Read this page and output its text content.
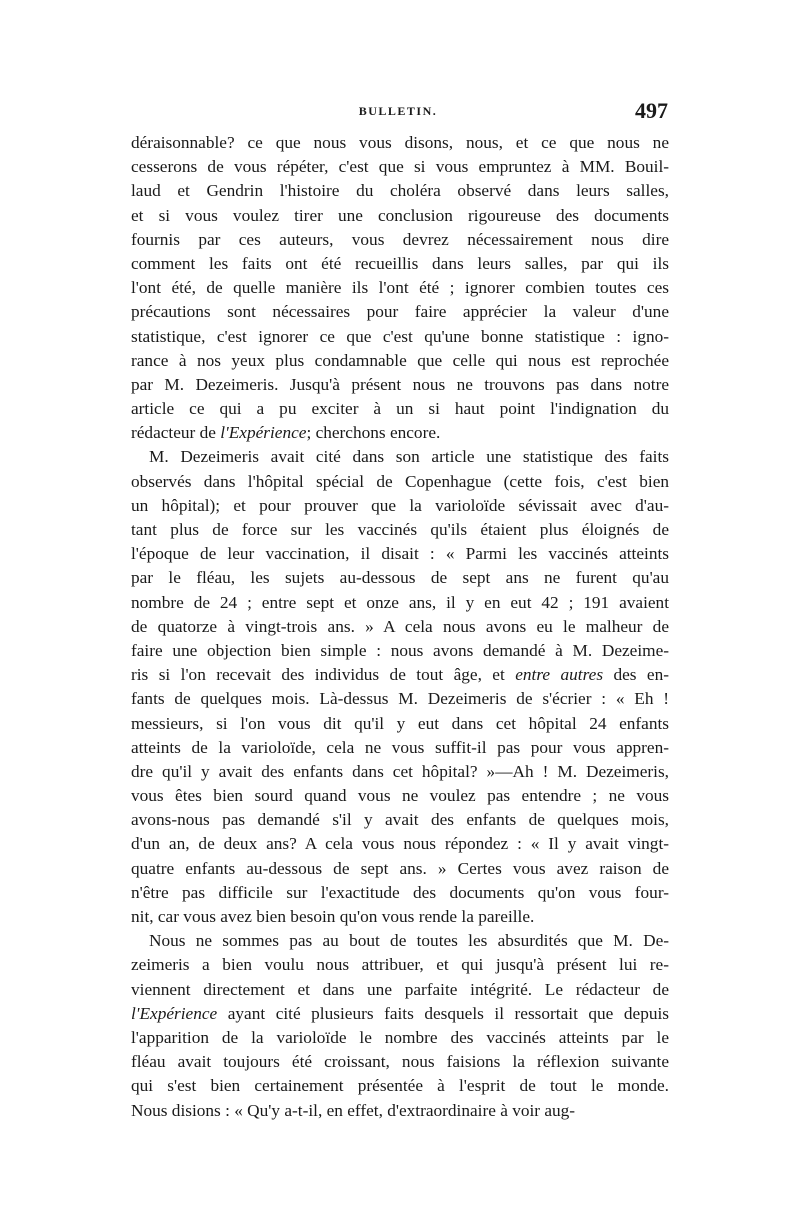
BULLETIN.	497
déraisonnable? ce que nous vous disons, nous, et ce que nous ne
cesserons de vous répéter, c'est que si vous empruntez à MM. Bouil-
laud et Gendrin l'histoire du choléra observé dans leurs salles,
et si vous voulez tirer une conclusion rigoureuse des documents
fournis par ces auteurs, vous devrez nécessairement nous dire
comment les faits ont été recueillis dans leurs salles, par qui ils
l'ont été, de quelle manière ils l'ont été ; ignorer combien toutes ces
précautions sont nécessaires pour faire apprécier la valeur d'une
statistique, c'est ignorer ce que c'est qu'une bonne statistique : igno-
rance à nos yeux plus condamnable que celle qui nous est reprochée
par M. Dezeimeris. Jusqu'à présent nous ne trouvons pas dans notre
article ce qui a pu exciter à un si haut point l'indignation du
rédacteur de l'Expérience; cherchons encore.
M. Dezeimeris avait cité dans son article une statistique des faits
observés dans l'hôpital spécial de Copenhague (cette fois, c'est bien
un hôpital); et pour prouver que la varioloïde sévissait avec d'au-
tant plus de force sur les vaccinés qu'ils étaient plus éloignés de
l'époque de leur vaccination, il disait : « Parmi les vaccinés atteints
par le fléau, les sujets au-dessous de sept ans ne furent qu'au
nombre de 24 ; entre sept et onze ans, il y en eut 42 ; 191 avaient
de quatorze à vingt-trois ans. » A cela nous avons eu le malheur de
faire une objection bien simple : nous avons demandé à M. Dezeime-
ris si l'on recevait des individus de tout âge, et entre autres des en-
fants de quelques mois. Là-dessus M. Dezeimeris de s'écrier : « Eh !
messieurs, si l'on vous dit qu'il y eut dans cet hôpital 24 enfants
atteints de la varioloïde, cela ne vous suffit-il pas pour vous appren-
dre qu'il y avait des enfants dans cet hôpital? »—Ah ! M. Dezeimeris,
vous êtes bien sourd quand vous ne voulez pas entendre ; ne vous
avons-nous pas demandé s'il y avait des enfants de quelques mois,
d'un an, de deux ans? A cela vous nous répondez : « Il y avait vingt-
quatre enfants au-dessous de sept ans. » Certes vous avez raison de
n'être pas difficile sur l'exactitude des documents qu'on vous four-
nit, car vous avez bien besoin qu'on vous rende la pareille.
Nous ne sommes pas au bout de toutes les absurdités que M. De-
zeimeris a bien voulu nous attribuer, et qui jusqu'à présent lui re-
viennent directement et dans une parfaite intégrité. Le rédacteur de
l'Expérience ayant cité plusieurs faits desquels il ressortait que depuis
l'apparition de la varioloïde le nombre des vaccinés atteints par le
fléau avait toujours été croissant, nous faisions la réflexion suivante
qui s'est bien certainement présentée à l'esprit de tout le monde.
Nous disions : « Qu'y a-t-il, en effet, d'extraordinaire à voir aug-
